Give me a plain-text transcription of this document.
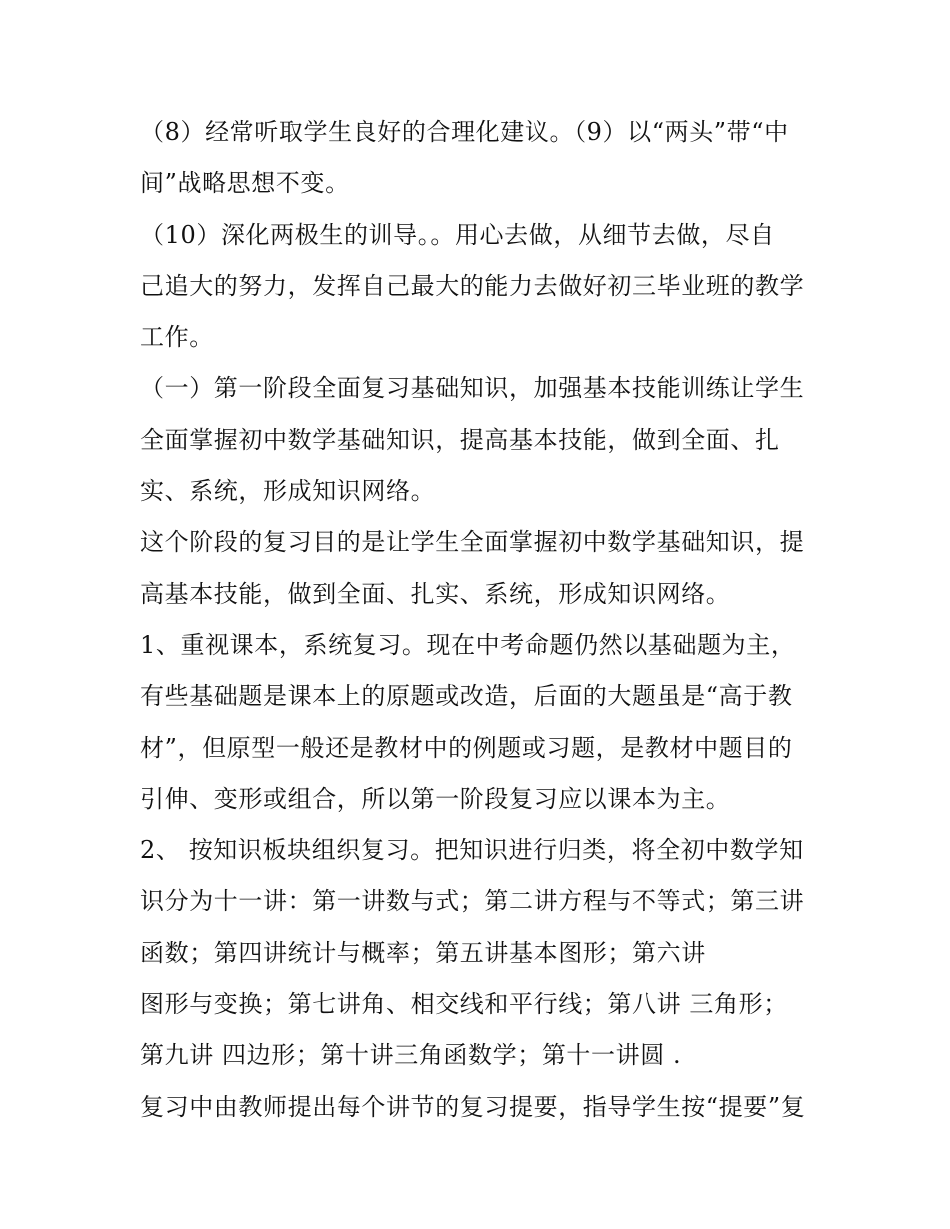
（8）经常听取学生良好的合理化建议。（9）以“两头”带“中
间”战略思想不变。
（10）深化两极生的训导。。用心去做，从细节去做，尽自
己追大的努力，发挥自己最大的能力去做好初三毕业班的教学
工作。
（一）第一阶段全面复习基础知识，加强基本技能训练让学生
全面掌握初中数学基础知识，提高基本技能，做到全面、扎
实、系统，形成知识网络。
这个阶段的复习目的是让学生全面掌握初中数学基础知识，提
高基本技能，做到全面、扎实、系统，形成知识网络。
1、重视课本，系统复习。现在中考命题仍然以基础题为主，
有些基础题是课本上的原题或改造，后面的大题虽是“高于教
材”，但原型一般还是教材中的例题或习题，是教材中题目的
引伸、变形或组合，所以第一阶段复习应以课本为主。
2、 按知识板块组织复习。把知识进行归类，将全初中数学知
识分为十一讲：第一讲数与式；第二讲方程与不等式；第三讲
函数；第四讲统计与概率；第五讲基本图形；第六讲
图形与变换；第七讲角、相交线和平行线；第八讲 三角形；
第九讲 四边形；第十讲三角函数学；第十一讲圆 .
复习中由教师提出每个讲节的复习提要，指导学生按“提要”复
